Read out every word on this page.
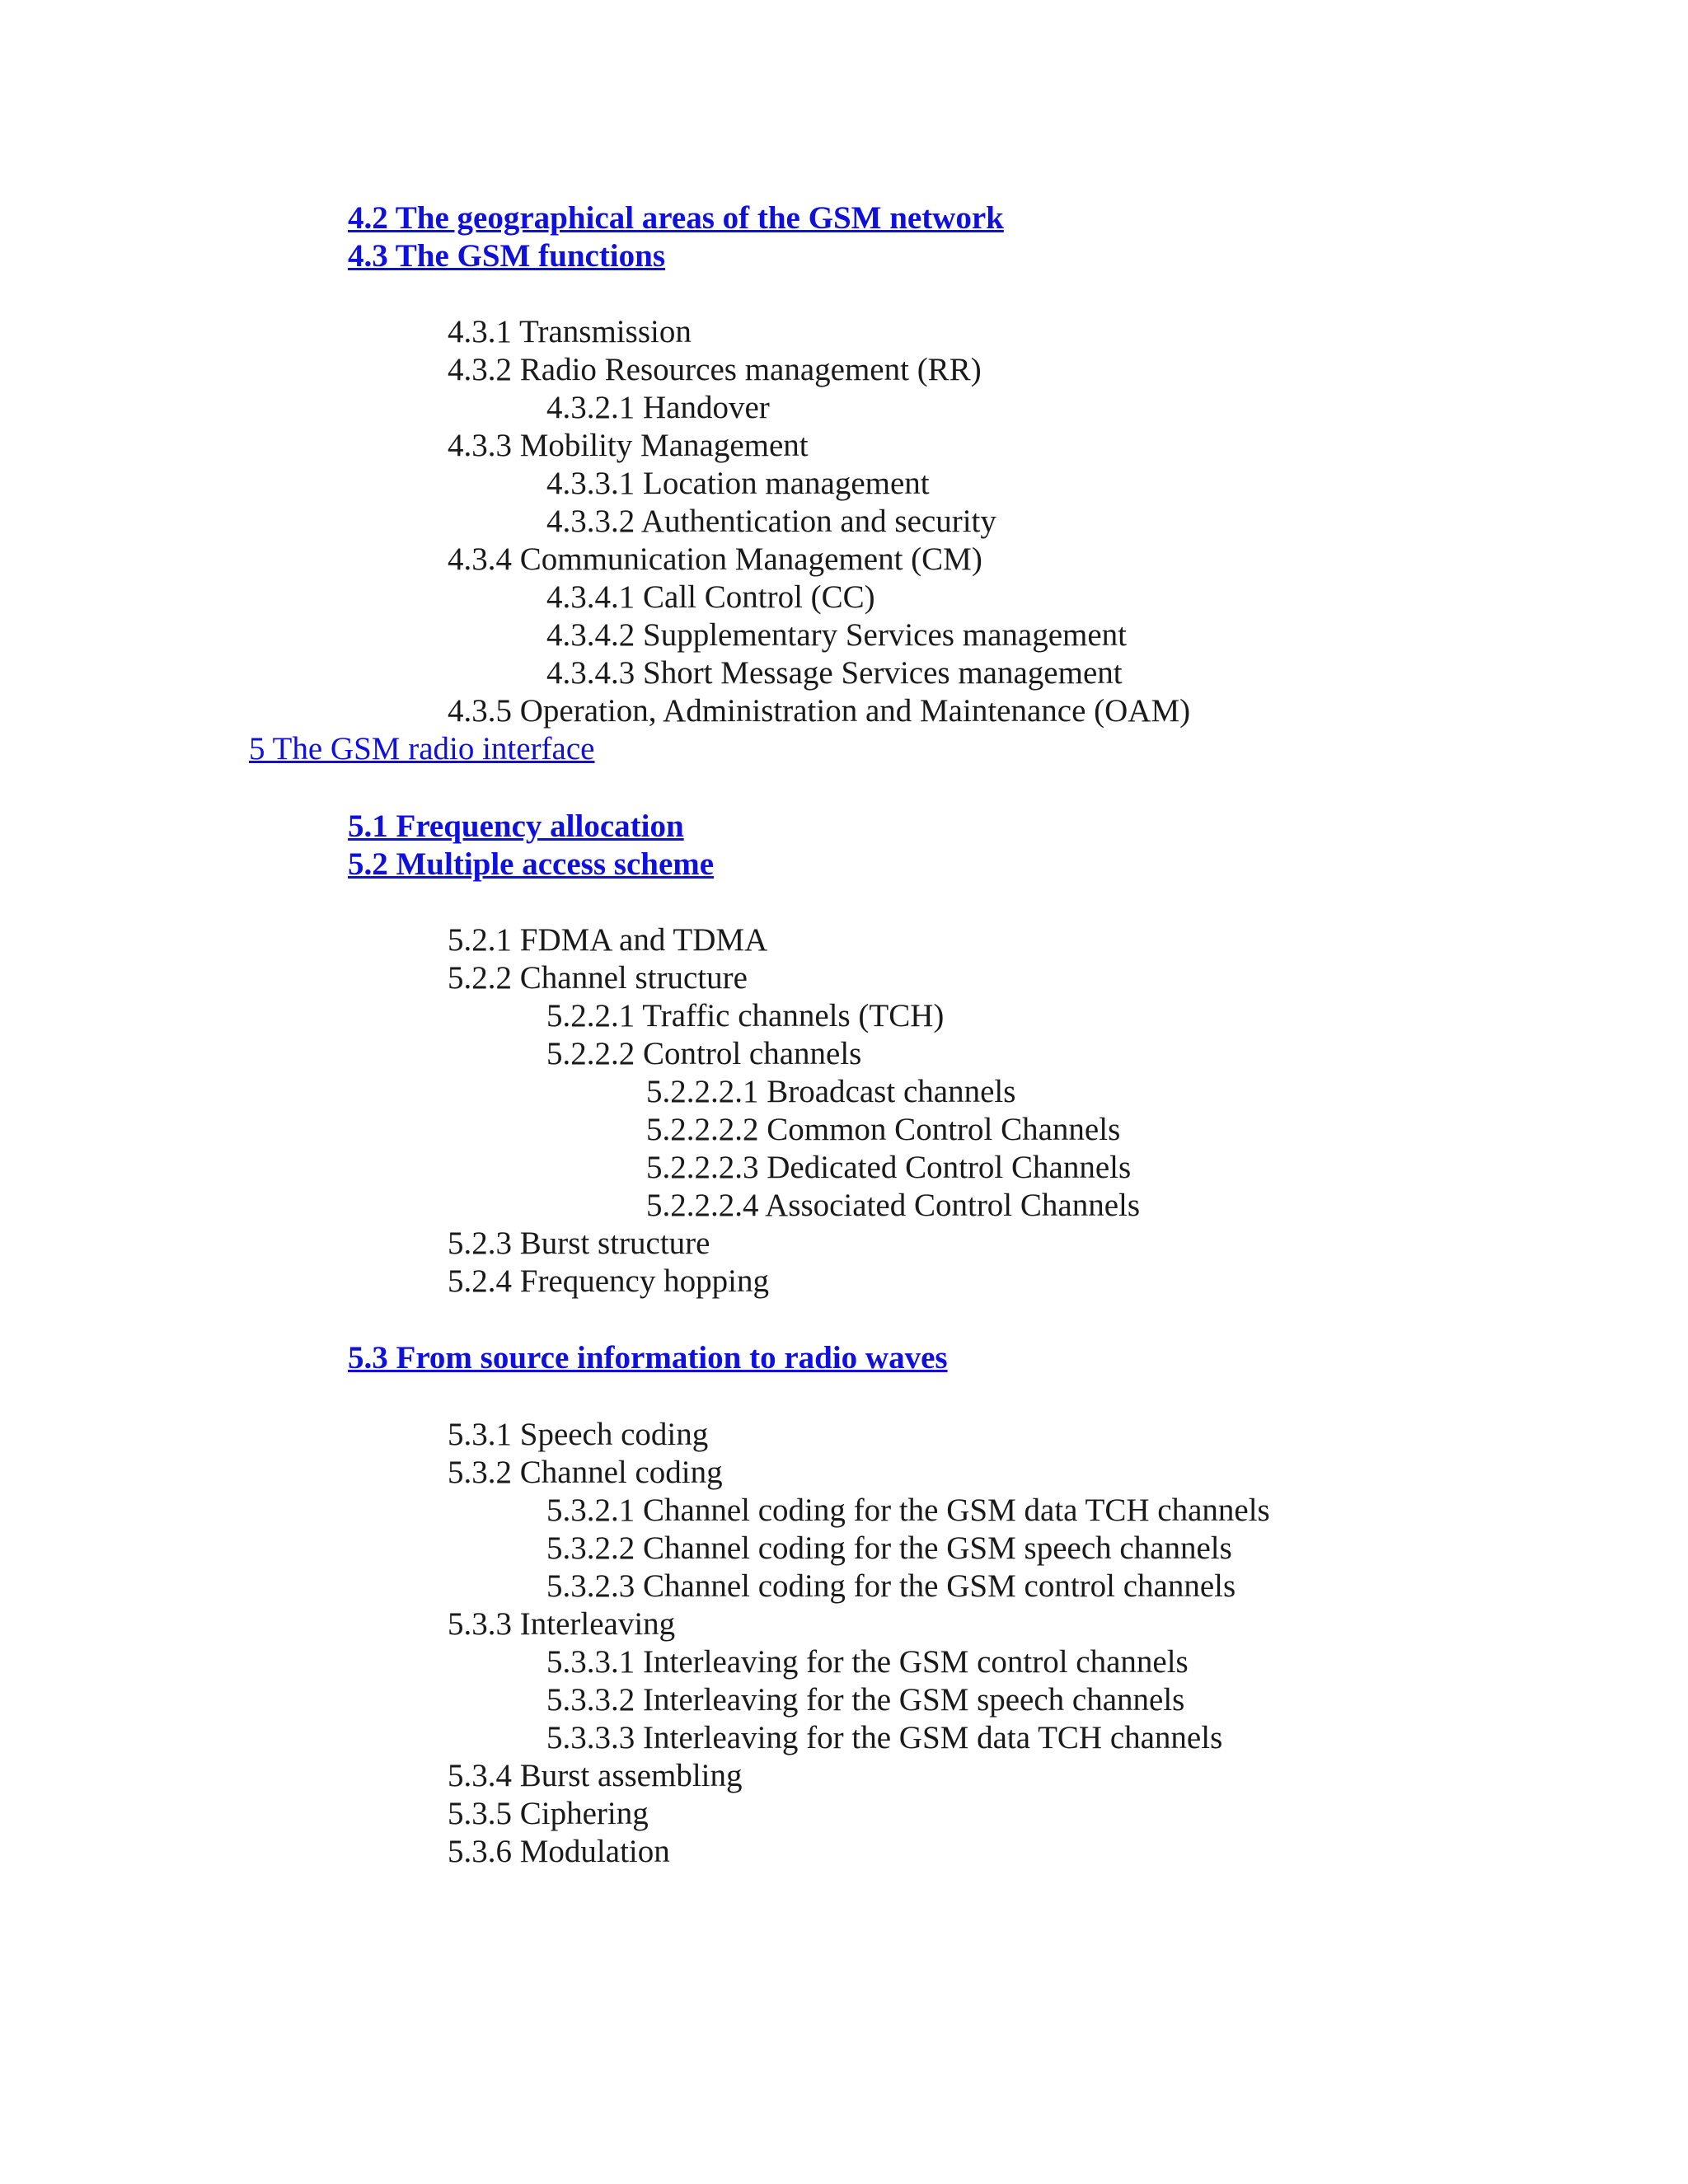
4.2 The geographical areas of the GSM network
4.3 The GSM functions
4.3.1 Transmission
4.3.2 Radio Resources management (RR)
4.3.2.1 Handover
4.3.3 Mobility Management
4.3.3.1 Location management
4.3.3.2 Authentication and security
4.3.4 Communication Management (CM)
4.3.4.1 Call Control (CC)
4.3.4.2 Supplementary Services management
4.3.4.3 Short Message Services management
4.3.5 Operation, Administration and Maintenance (OAM)
5 The GSM radio interface
5.1 Frequency allocation
5.2 Multiple access scheme
5.2.1 FDMA and TDMA
5.2.2 Channel structure
5.2.2.1 Traffic channels (TCH)
5.2.2.2 Control channels
5.2.2.2.1 Broadcast channels
5.2.2.2.2 Common Control Channels
5.2.2.2.3 Dedicated Control Channels
5.2.2.2.4 Associated Control Channels
5.2.3 Burst structure
5.2.4 Frequency hopping
5.3 From source information to radio waves
5.3.1 Speech coding
5.3.2 Channel coding
5.3.2.1 Channel coding for the GSM data TCH channels
5.3.2.2 Channel coding for the GSM speech channels
5.3.2.3 Channel coding for the GSM control channels
5.3.3 Interleaving
5.3.3.1 Interleaving for the GSM control channels
5.3.3.2 Interleaving for the GSM speech channels
5.3.3.3 Interleaving for the GSM data TCH channels
5.3.4 Burst assembling
5.3.5 Ciphering
5.3.6 Modulation
